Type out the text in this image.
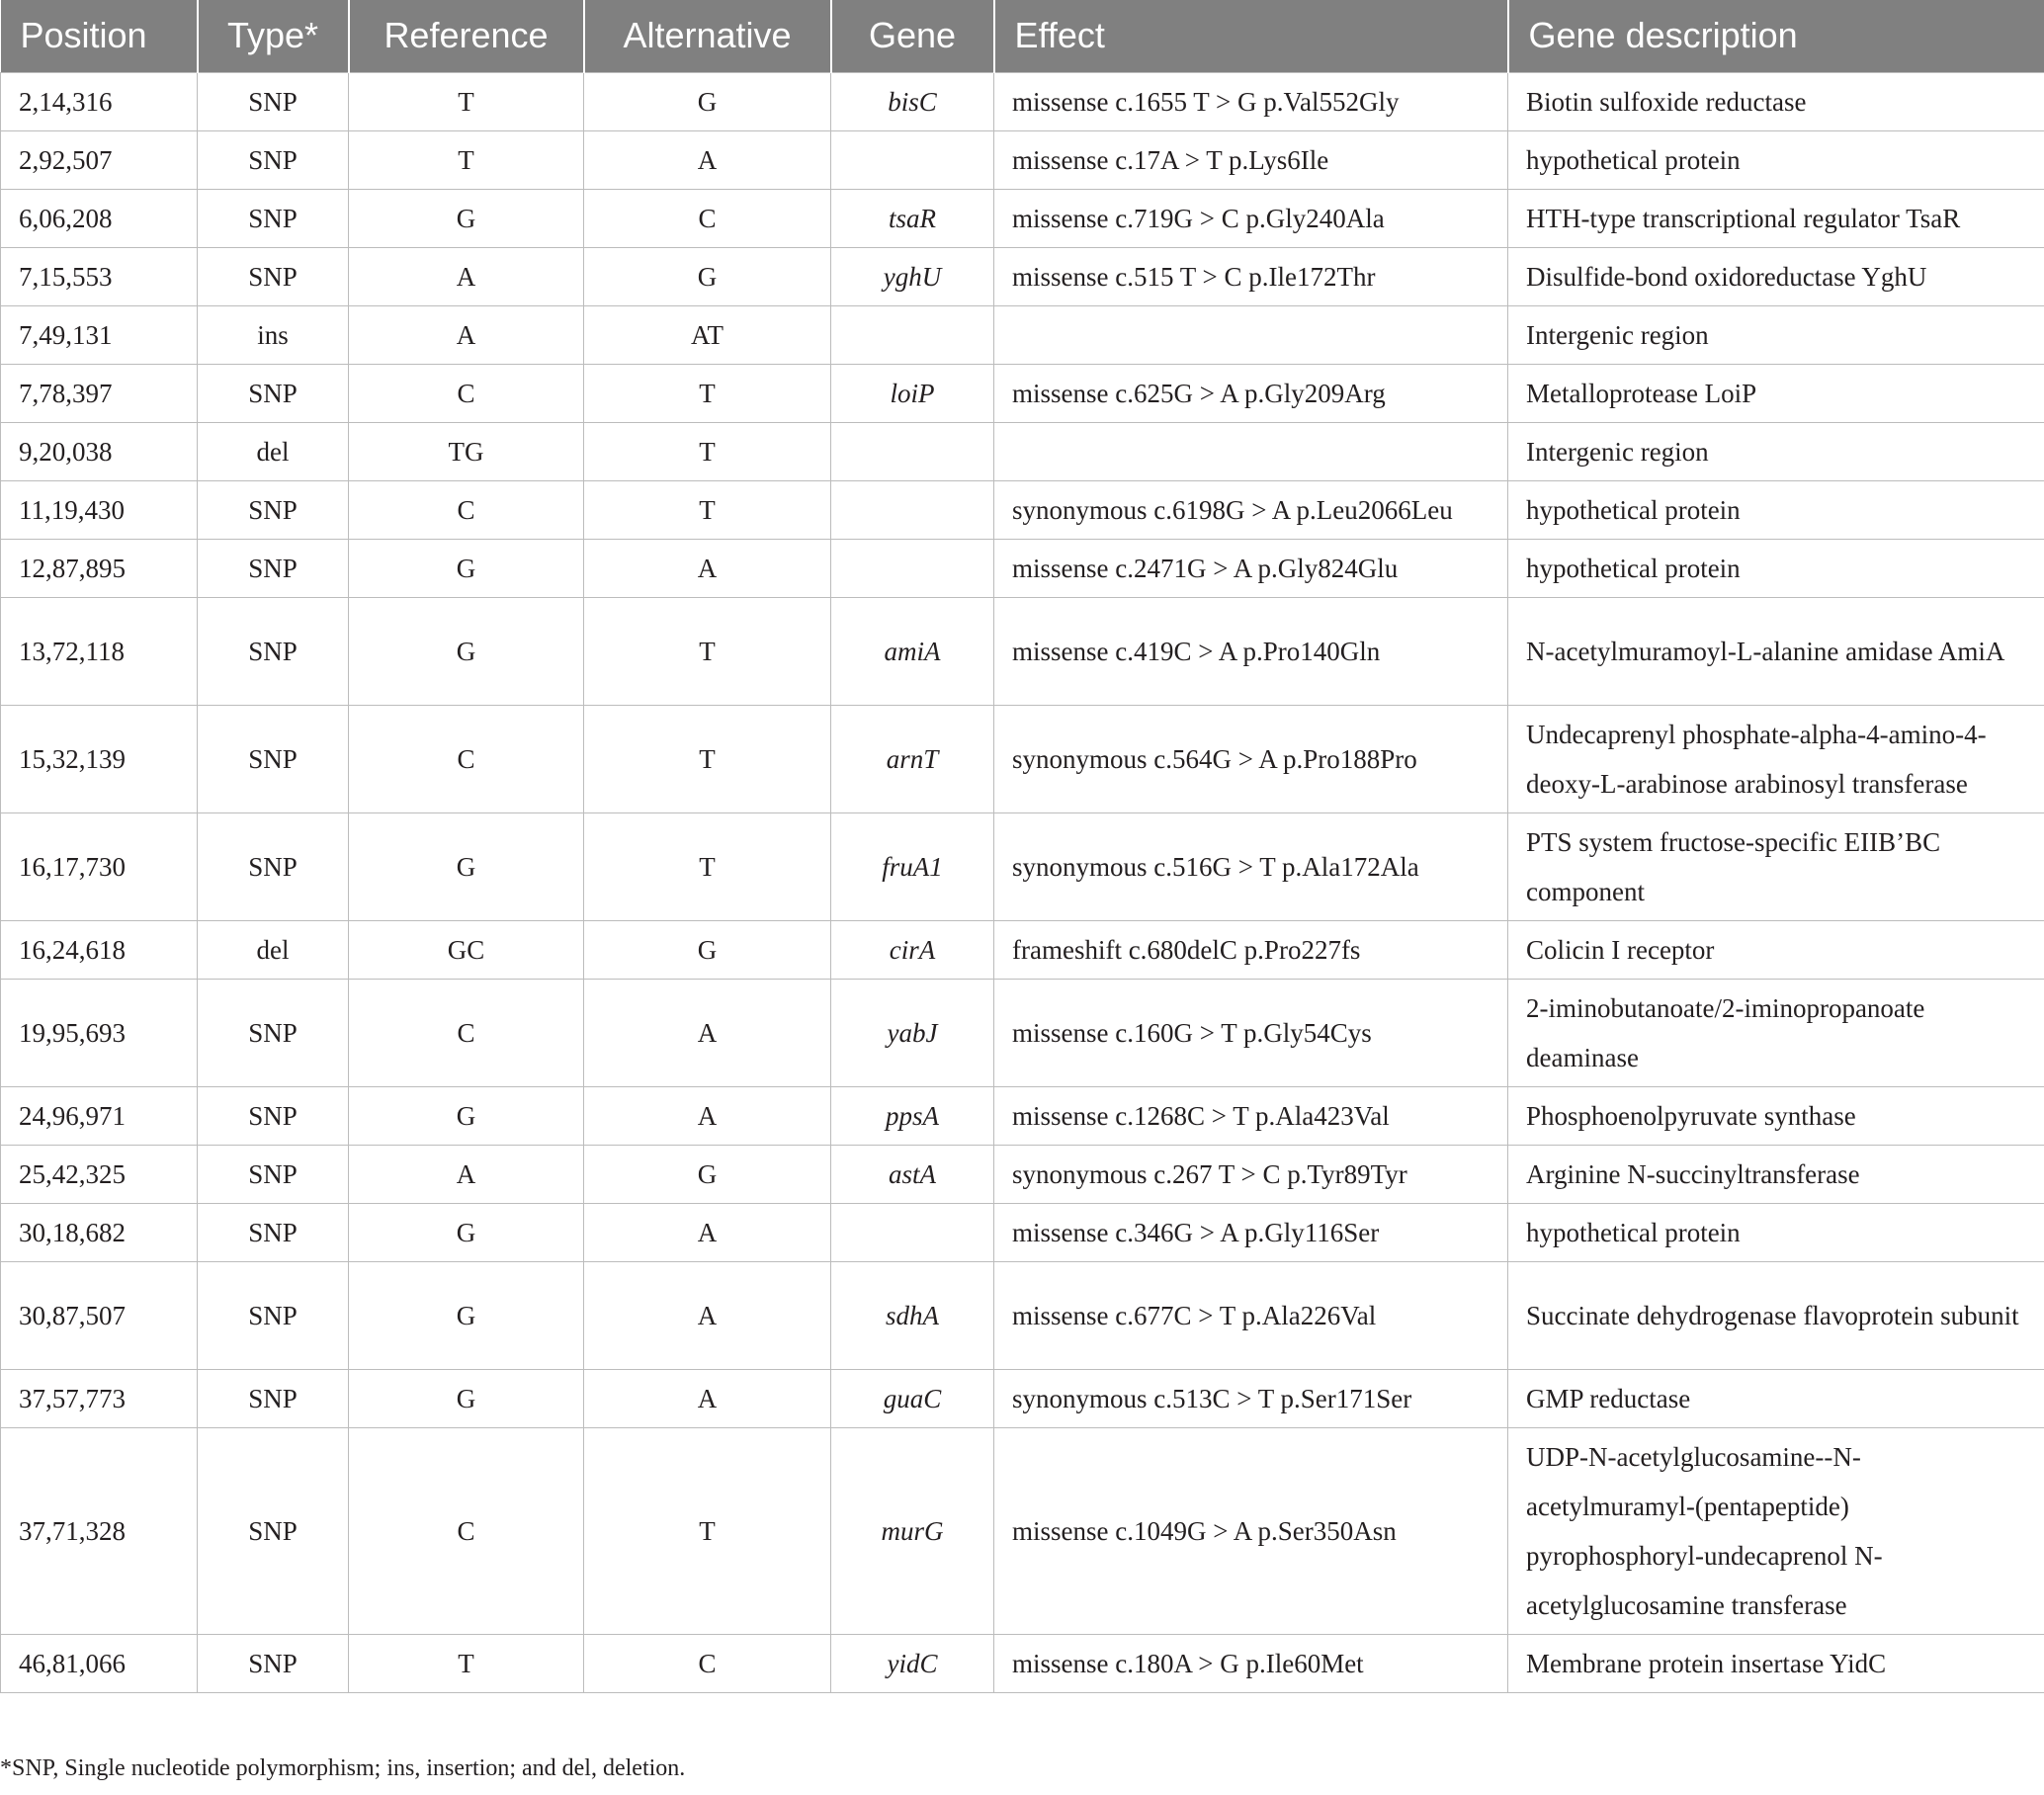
Position	Type*	Reference	Alternative	Gene	Effect	Gene description
2,14,316	SNP	T	G	bisC	missense c.1655 T > G p.Val552Gly	Biotin sulfoxide reductase
2,92,507	SNP	T	A		missense c.17A > T p.Lys6Ile	hypothetical protein
6,06,208	SNP	G	C	tsaR	missense c.719G > C p.Gly240Ala	HTH-type transcriptional regulator TsaR
7,15,553	SNP	A	G	yghU	missense c.515 T > C p.Ile172Thr	Disulfide-bond oxidoreductase YghU
7,49,131	ins	A	AT			Intergenic region
7,78,397	SNP	C	T	loiP	missense c.625G > A p.Gly209Arg	Metalloprotease LoiP
9,20,038	del	TG	T			Intergenic region
11,19,430	SNP	C	T		synonymous c.6198G > A p.Leu2066Leu	hypothetical protein
12,87,895	SNP	G	A		missense c.2471G > A p.Gly824Glu	hypothetical protein
13,72,118	SNP	G	T	amiA	missense c.419C > A p.Pro140Gln	N-acetylmuramoyl-L-alanine amidase AmiA
15,32,139	SNP	C	T	arnT	synonymous c.564G > A p.Pro188Pro	Undecaprenyl phosphate-alpha-4-amino-4-deoxy-L-arabinose arabinosyl transferase
16,17,730	SNP	G	T	fruA1	synonymous c.516G > T p.Ala172Ala	PTS system fructose-specific EIIB’BC component
16,24,618	del	GC	G	cirA	frameshift c.680delC p.Pro227fs	Colicin I receptor
19,95,693	SNP	C	A	yabJ	missense c.160G > T p.Gly54Cys	2-iminobutanoate/2-iminopropanoate deaminase
24,96,971	SNP	G	A	ppsA	missense c.1268C > T p.Ala423Val	Phosphoenolpyruvate synthase
25,42,325	SNP	A	G	astA	synonymous c.267 T > C p.Tyr89Tyr	Arginine N-succinyltransferase
30,18,682	SNP	G	A		missense c.346G > A p.Gly116Ser	hypothetical protein
30,87,507	SNP	G	A	sdhA	missense c.677C > T p.Ala226Val	Succinate dehydrogenase flavoprotein subunit
37,57,773	SNP	G	A	guaC	synonymous c.513C > T p.Ser171Ser	GMP reductase
37,71,328	SNP	C	T	murG	missense c.1049G > A p.Ser350Asn	UDP-N-acetylglucosamine--N-acetylmuramyl-(pentapeptide) pyrophosphoryl-undecaprenol N-acetylglucosamine transferase
46,81,066	SNP	T	C	yidC	missense c.180A > G p.Ile60Met	Membrane protein insertase YidC
*SNP, Single nucleotide polymorphism; ins, insertion; and del, deletion.
